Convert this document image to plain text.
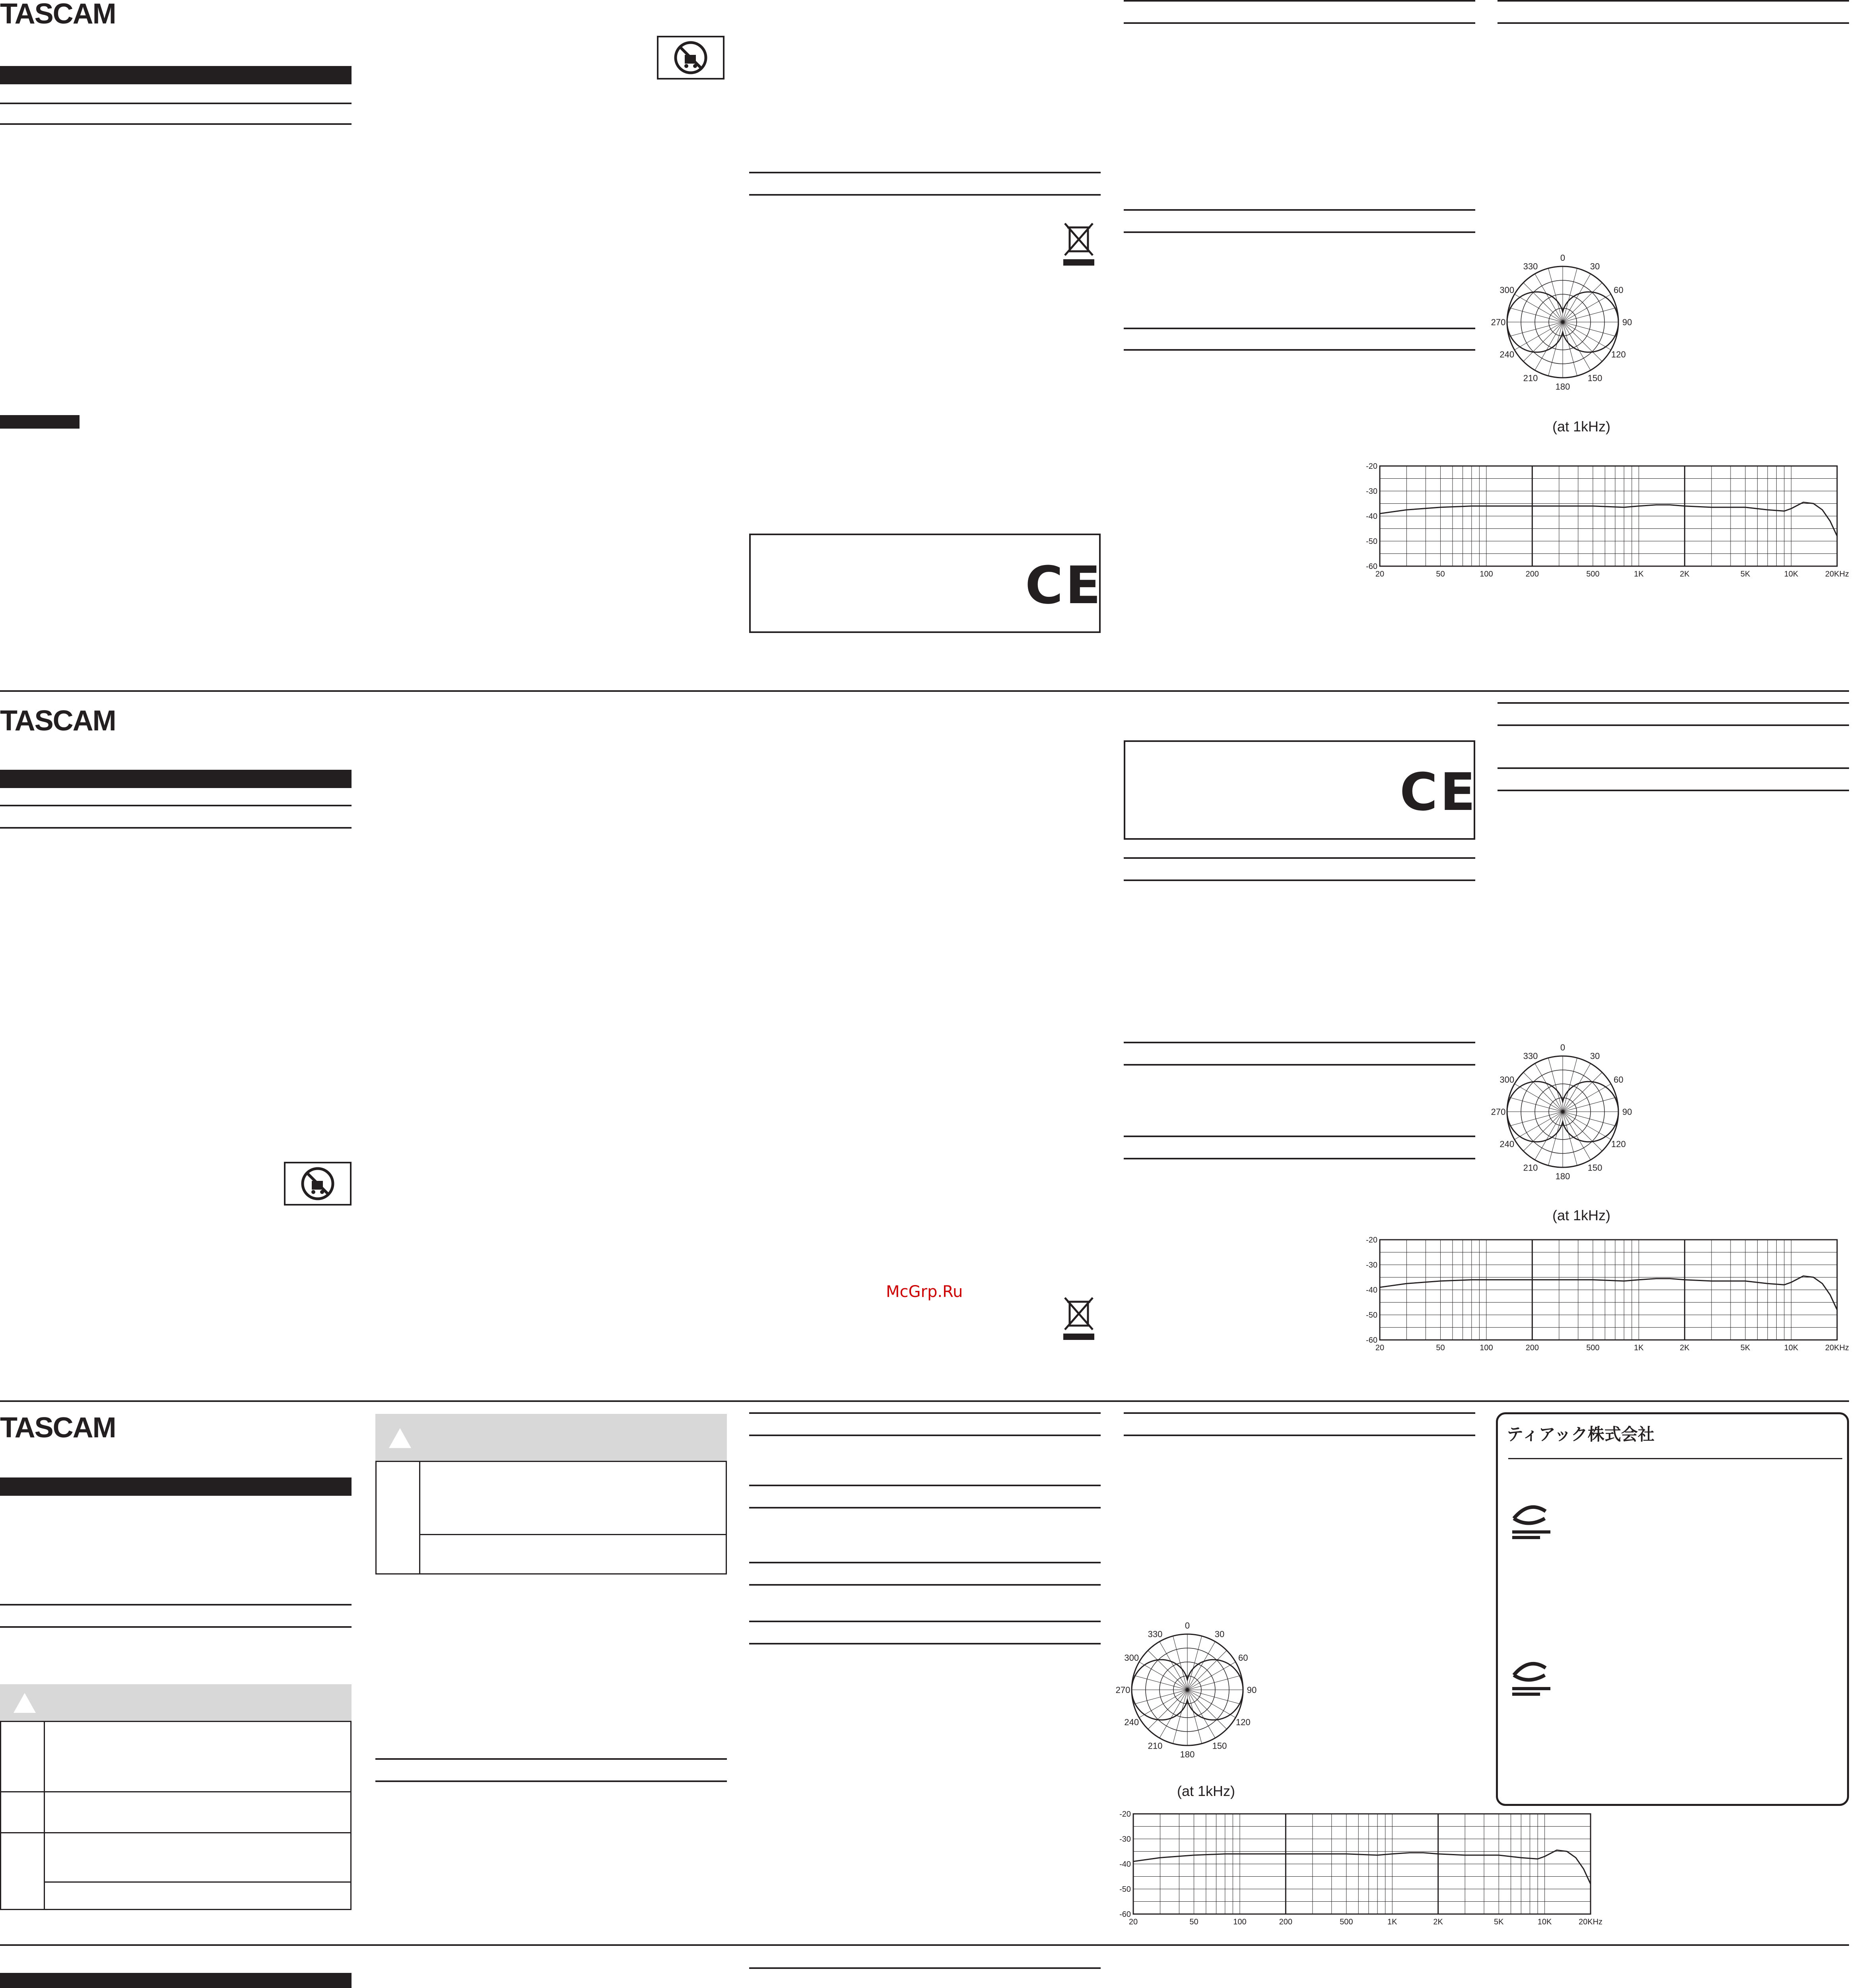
TASCAM
CE
0
30
60
90
120
150
180
210
240
270
300
330
(at 1kHz)
-20
-30
-40
-50
-60
20	50	100	200	500	1K	2K	5K	10K	20KHz
TASCAM
McGrp.Ru
CE
0
30
60
90
120
150
180
210
240
270
300
330
(at 1kHz)
-20
-30
-40
-50
-60
20	50	100	200	500	1K	2K	5K	10K	20KHz
TASCAM
0
30
60
90
120
150
180
210
240
270
300
330
(at 1kHz)
-20
-30
-40
-50
-60
20	50	100	200	500	1K	2K	5K	10K	20KHz
ティアック株式会社
